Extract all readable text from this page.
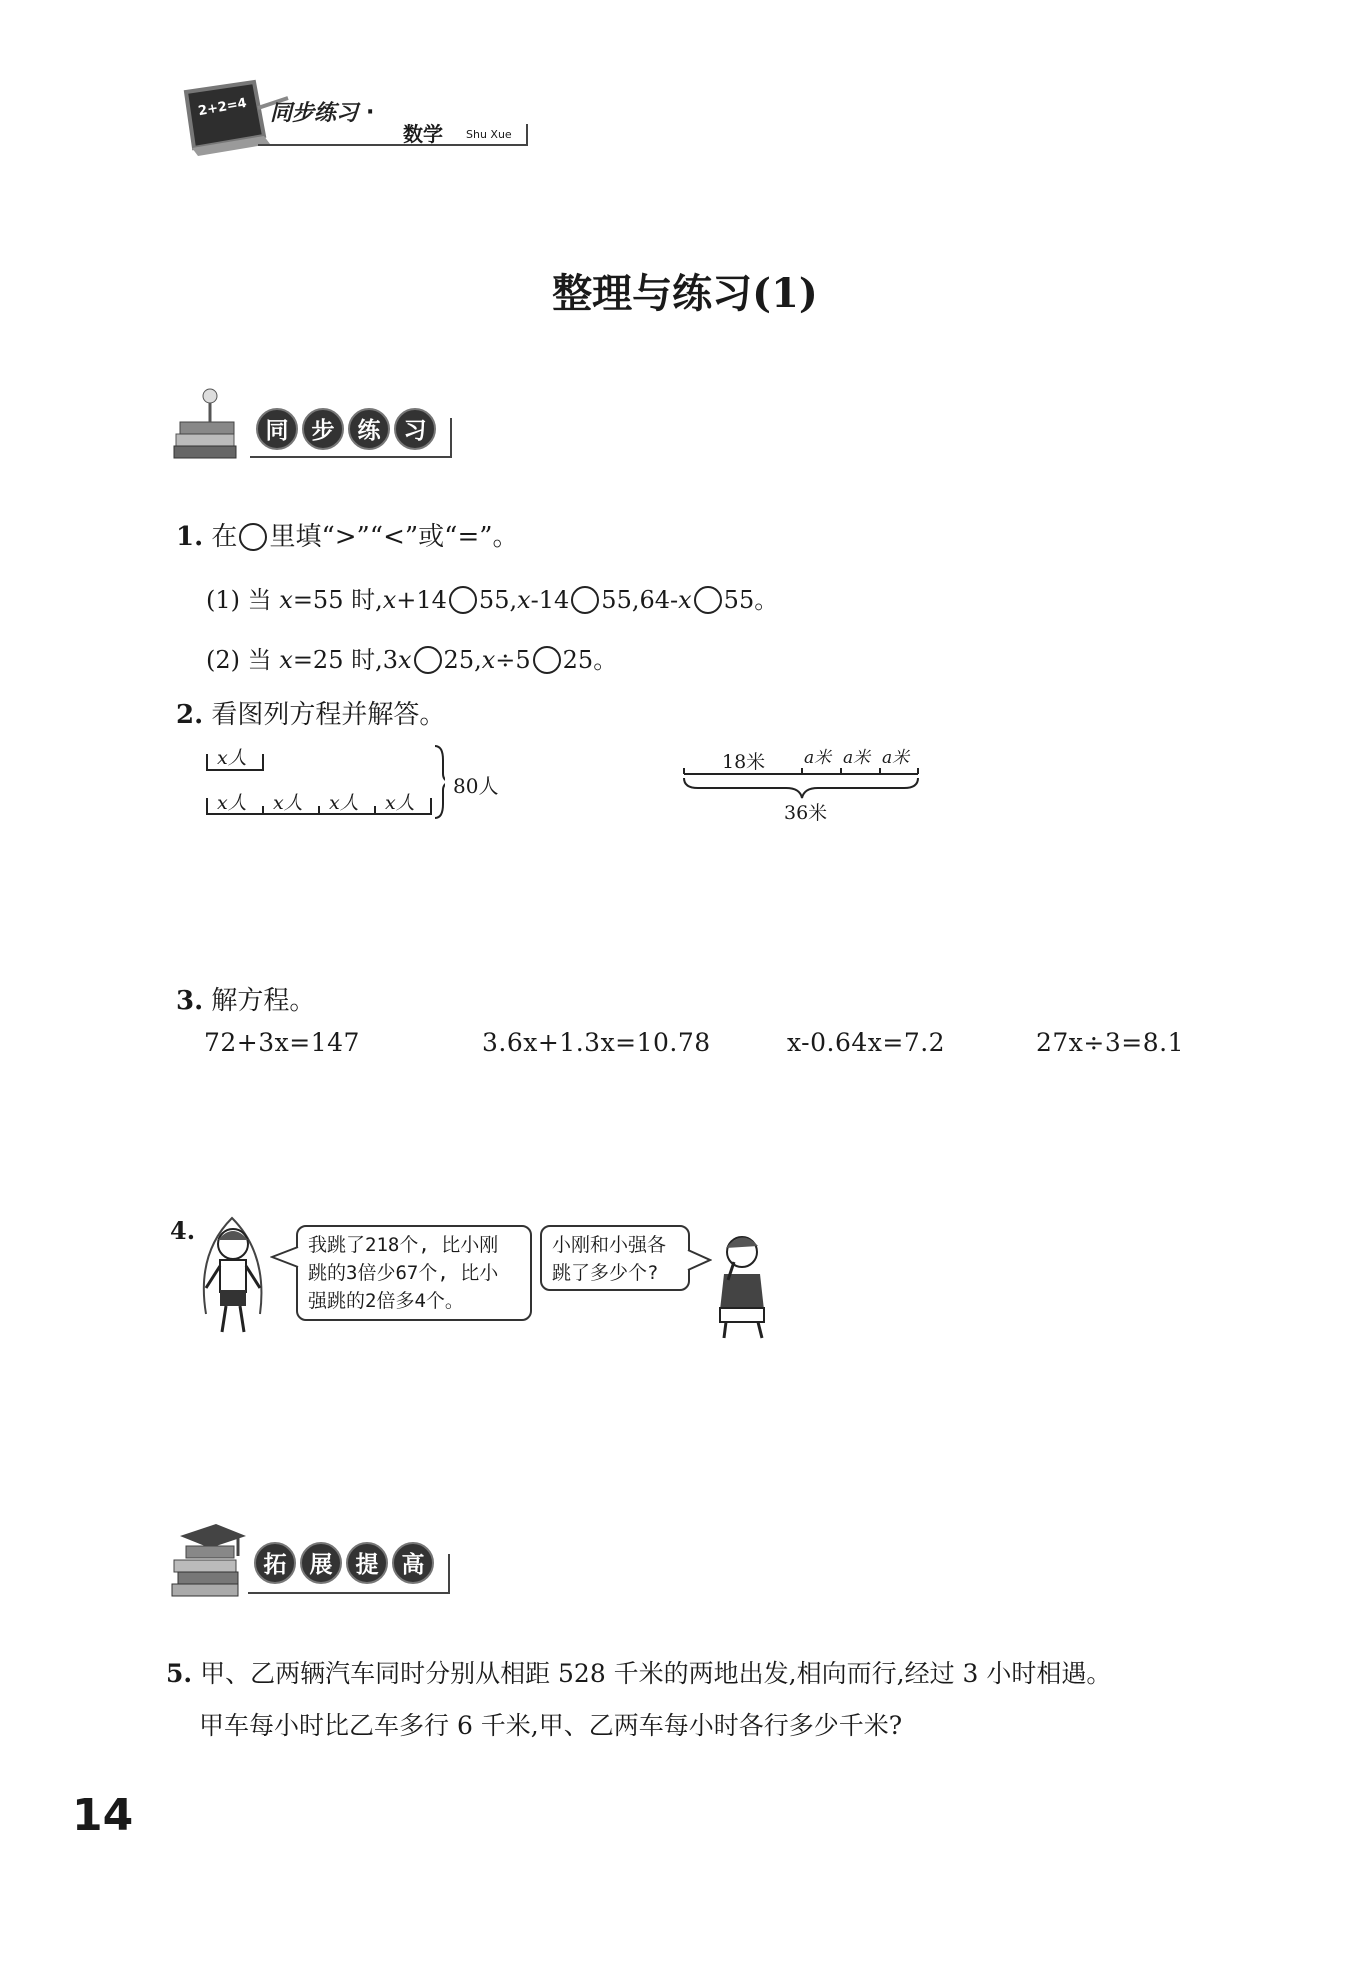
2+2=4 同步练习 ·
数学 Shu Xue
整理与练习(1)
同 步 练 习
1. 在 里填“>”“<”或“=”。
(1) 当 x=55 时,x+14 55,x-14 55,64-x 55。
(2) 当 x=25 时,3x 25,x÷5 25。
2. 看图列方程并解答。
x人
x人 x人 x人 x人
80人
18米 a米 a米 a米
36米
3. 解方程。
72+3x=147	3.6x+1.3x=10.78	x-0.64x=7.2	27x÷3=8.1
4.	我跳了218个, 比小刚
跳的3倍少67个, 比小
强跳的2倍多4个。
小刚和小强各
跳了多少个?
拓 展 提 高
5. 甲、乙两辆汽车同时分别从相距 528 千米的两地出发,相向而行,经过 3 小时相遇。
甲车每小时比乙车多行 6 千米,甲、乙两车每小时各行多少千米?
14
